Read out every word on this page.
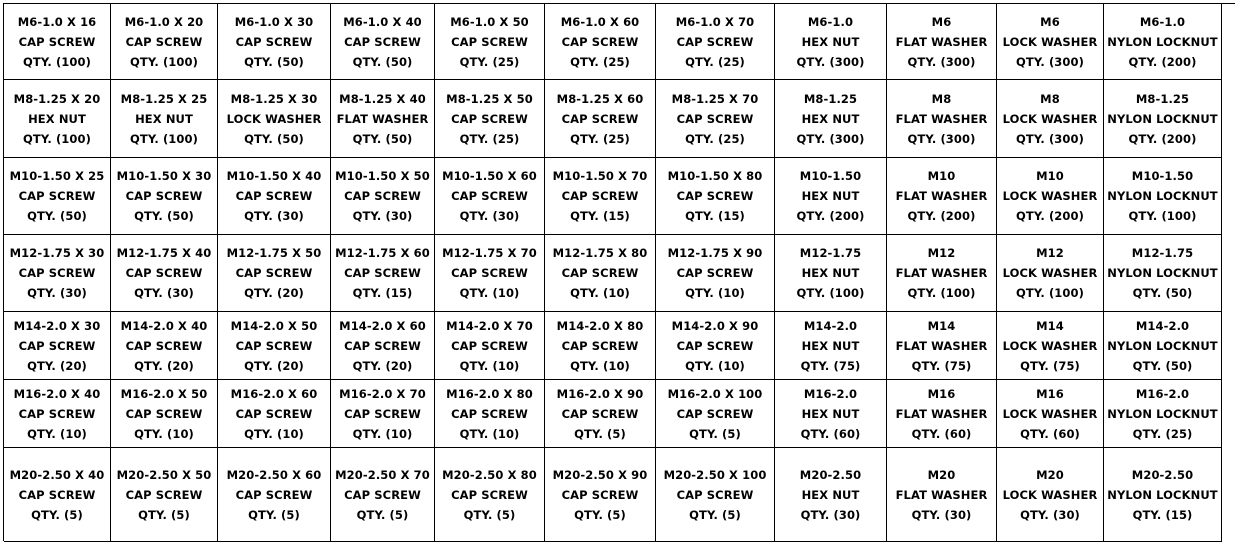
M6-1.0 X 16
CAP SCREW
QTY. (100)
M6-1.0 X 20
CAP SCREW
QTY. (100)
M6-1.0 X 30
CAP SCREW
QTY. (50)
M6-1.0 X 40
CAP SCREW
QTY. (50)
M6-1.0 X 50
CAP SCREW
QTY. (25)
M6-1.0 X 60
CAP SCREW
QTY. (25)
M6-1.0 X 70
CAP SCREW
QTY. (25)
M6-1.0
HEX NUT
QTY. (300)
M6
FLAT WASHER
QTY. (300)
M6
LOCK WASHER
QTY. (300)
M6-1.0
NYLON LOCKNUT
QTY. (200)
M8-1.25 X 20
HEX NUT
QTY. (100)
M8-1.25 X 25
HEX NUT
QTY. (100)
M8-1.25 X 30
LOCK WASHER
QTY. (50)
M8-1.25 X 40
FLAT WASHER
QTY. (50)
M8-1.25 X 50
CAP SCREW
QTY. (25)
M8-1.25 X 60
CAP SCREW
QTY. (25)
M8-1.25 X 70
CAP SCREW
QTY. (25)
M8-1.25
HEX NUT
QTY. (300)
M8
FLAT WASHER
QTY. (300)
M8
LOCK WASHER
QTY. (300)
M8-1.25
NYLON LOCKNUT
QTY. (200)
M10-1.50 X 25
CAP SCREW
QTY. (50)
M10-1.50 X 30
CAP SCREW
QTY. (50)
M10-1.50 X 40
CAP SCREW
QTY. (30)
M10-1.50 X 50
CAP SCREW
QTY. (30)
M10-1.50 X 60
CAP SCREW
QTY. (30)
M10-1.50 X 70
CAP SCREW
QTY. (15)
M10-1.50 X 80
CAP SCREW
QTY. (15)
M10-1.50
HEX NUT
QTY. (200)
M10
FLAT WASHER
QTY. (200)
M10
LOCK WASHER
QTY. (200)
M10-1.50
NYLON LOCKNUT
QTY. (100)
M12-1.75 X 30
CAP SCREW
QTY. (30)
M12-1.75 X 40
CAP SCREW
QTY. (30)
M12-1.75 X 50
CAP SCREW
QTY. (20)
M12-1.75 X 60
CAP SCREW
QTY. (15)
M12-1.75 X 70
CAP SCREW
QTY. (10)
M12-1.75 X 80
CAP SCREW
QTY. (10)
M12-1.75 X 90
CAP SCREW
QTY. (10)
M12-1.75
HEX NUT
QTY. (100)
M12
FLAT WASHER
QTY. (100)
M12
LOCK WASHER
QTY. (100)
M12-1.75
NYLON LOCKNUT
QTY. (50)
M14-2.0 X 30
CAP SCREW
QTY. (20)
M14-2.0 X 40
CAP SCREW
QTY. (20)
M14-2.0 X 50
CAP SCREW
QTY. (20)
M14-2.0 X 60
CAP SCREW
QTY. (20)
M14-2.0 X 70
CAP SCREW
QTY. (10)
M14-2.0 X 80
CAP SCREW
QTY. (10)
M14-2.0 X 90
CAP SCREW
QTY. (10)
M14-2.0
HEX NUT
QTY. (75)
M14
FLAT WASHER
QTY. (75)
M14
LOCK WASHER
QTY. (75)
M14-2.0
NYLON LOCKNUT
QTY. (50)
M16-2.0 X 40
CAP SCREW
QTY. (10)
M16-2.0 X 50
CAP SCREW
QTY. (10)
M16-2.0 X 60
CAP SCREW
QTY. (10)
M16-2.0 X 70
CAP SCREW
QTY. (10)
M16-2.0 X 80
CAP SCREW
QTY. (10)
M16-2.0 X 90
CAP SCREW
QTY. (5)
M16-2.0 X 100
CAP SCREW
QTY. (5)
M16-2.0
HEX NUT
QTY. (60)
M16
FLAT WASHER
QTY. (60)
M16
LOCK WASHER
QTY. (60)
M16-2.0
NYLON LOCKNUT
QTY. (25)
M20-2.50 X 40
CAP SCREW
QTY. (5)
M20-2.50 X 50
CAP SCREW
QTY. (5)
M20-2.50 X 60
CAP SCREW
QTY. (5)
M20-2.50 X 70
CAP SCREW
QTY. (5)
M20-2.50 X 80
CAP SCREW
QTY. (5)
M20-2.50 X 90
CAP SCREW
QTY. (5)
M20-2.50 X 100
CAP SCREW
QTY. (5)
M20-2.50
HEX NUT
QTY. (30)
M20
FLAT WASHER
QTY. (30)
M20
LOCK WASHER
QTY. (30)
M20-2.50
NYLON LOCKNUT
QTY. (15)
